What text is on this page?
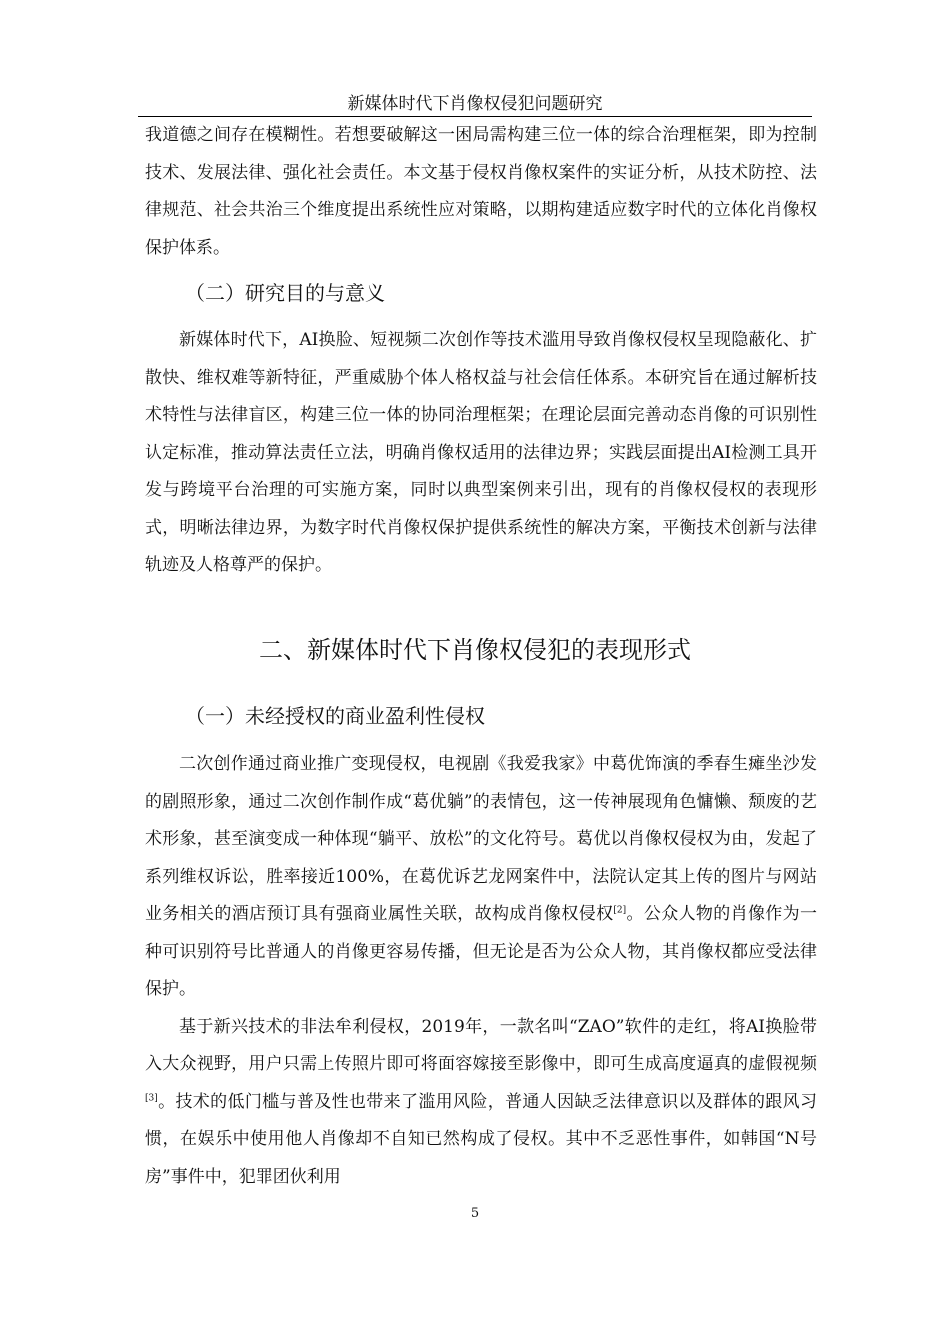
新媒体时代下肖像权侵犯问题研究

我道德之间存在模糊性。若想要破解这一困局需构建三位一体的综合治理框架，即为控制技术、发展法律、强化社会责任。本文基于侵权肖像权案件的实证分析，从技术防控、法律规范、社会共治三个维度提出系统性应对策略，以期构建适应数字时代的立体化肖像权保护体系。

（二）研究目的与意义

新媒体时代下，AI换脸、短视频二次创作等技术滥用导致肖像权侵权呈现隐蔽化、扩散快、维权难等新特征，严重威胁个体人格权益与社会信任体系。本研究旨在通过解析技术特性与法律盲区，构建三位一体的协同治理框架；在理论层面完善动态肖像的可识别性认定标准，推动算法责任立法，明确肖像权适用的法律边界；实践层面提出AI检测工具开发与跨境平台治理的可实施方案，同时以典型案例来引出，现有的肖像权侵权的表现形式，明晰法律边界，为数字时代肖像权保护提供系统性的解决方案，平衡技术创新与法律轨迹及人格尊严的保护。

二、新媒体时代下肖像权侵犯的表现形式
（一）未经授权的商业盈利性侵权

二次创作通过商业推广变现侵权，电视剧《我爱我家》中葛优饰演的季春生瘫坐沙发的剧照形象，通过二次创作制作成“葛优躺”的表情包，这一传神展现角色慵懒、颓废的艺术形象，甚至演变成一种体现“躺平、放松”的文化符号。葛优以肖像权侵权为由，发起了系列维权诉讼，胜率接近100%，在葛优诉艺龙网案件中，法院认定其上传的图片与网站业务相关的酒店预订具有强商业属性关联，故构成肖像权侵权[2]。公众人物的肖像作为一种可识别符号比普通人的肖像更容易传播，但无论是否为公众人物，其肖像权都应受法律保护。

基于新兴技术的非法牟利侵权，2019年，一款名叫“ZAO”软件的走红，将AI换脸带入大众视野，用户只需上传照片即可将面容嫁接至影像中，即可生成高度逼真的虚假视频[3]。技术的低门槛与普及性也带来了滥用风险，普通人因缺乏法律意识以及群体的跟风习惯，在娱乐中使用他人肖像却不自知已然构成了侵权。其中不乏恶性事件，如韩国“N号房”事件中，犯罪团伙利用

5
